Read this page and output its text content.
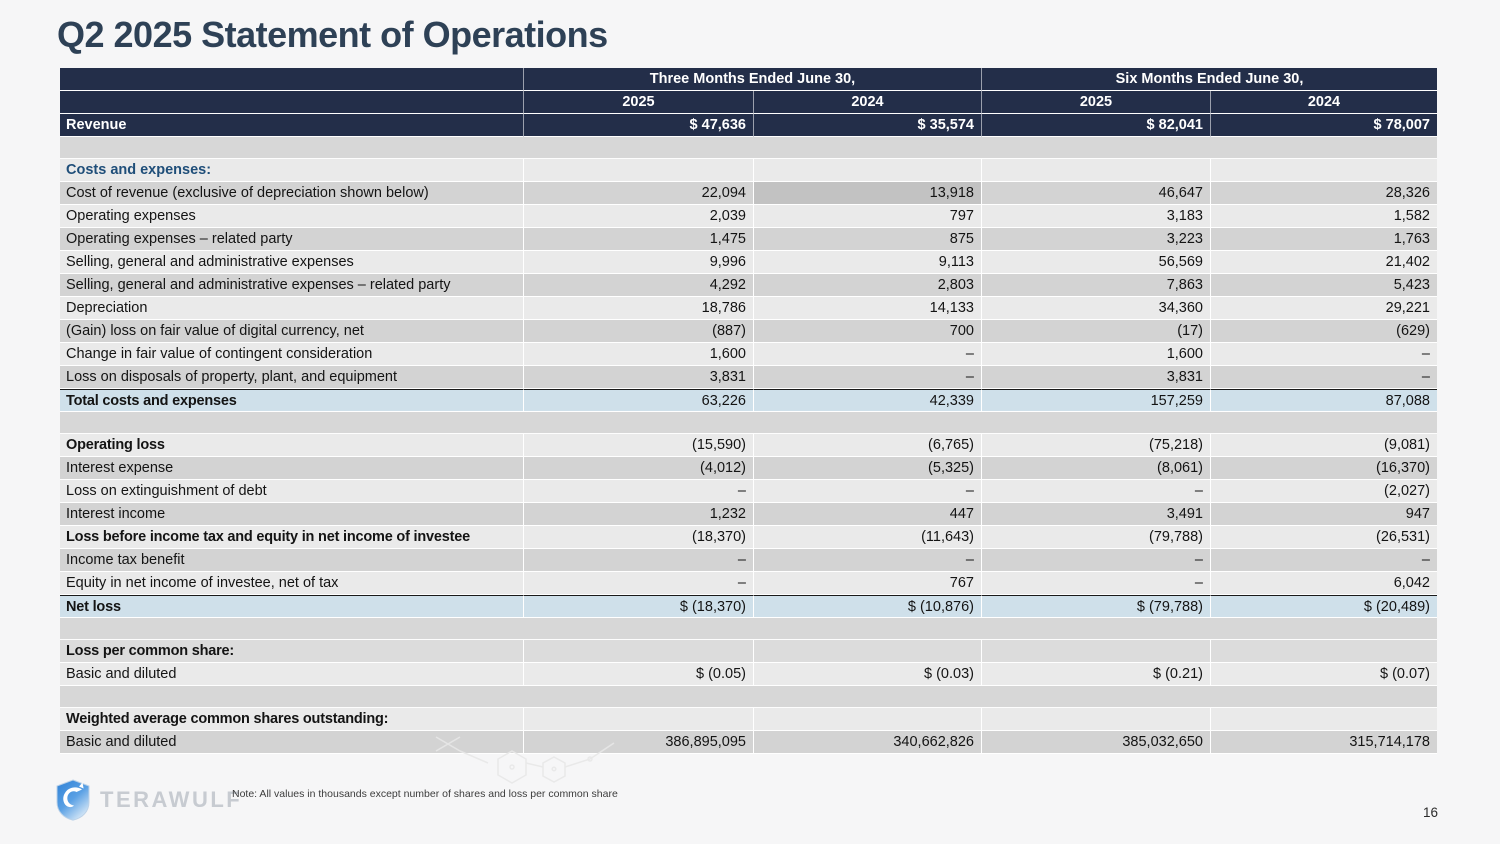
Q2 2025 Statement of Operations
Three Months Ended June 30,	Six Months Ended June 30,
2025	2024	2025	2024
Revenue	$ 47,636	$ 35,574	$ 82,041	$ 78,007
Costs and expenses:
Cost of revenue (exclusive of depreciation shown below)	22,094	13,918	46,647	28,326
Operating expenses	2,039	797	3,183	1,582
Operating expenses – related party	1,475	875	3,223	1,763
Selling, general and administrative expenses	9,996	9,113	56,569	21,402
Selling, general and administrative expenses – related party	4,292	2,803	7,863	5,423
Depreciation	18,786	14,133	34,360	29,221
(Gain) loss on fair value of digital currency, net	(887)	700	(17)	(629)
Change in fair value of contingent consideration	1,600	–	1,600	–
Loss on disposals of property, plant, and equipment	3,831	–	3,831	–
Total costs and expenses	63,226	42,339	157,259	87,088
Operating loss	(15,590)	(6,765)	(75,218)	(9,081)
Interest expense	(4,012)	(5,325)	(8,061)	(16,370)
Loss on extinguishment of debt	–	–	–	(2,027)
Interest income	1,232	447	3,491	947
Loss before income tax and equity in net income of investee	(18,370)	(11,643)	(79,788)	(26,531)
Income tax benefit	–	–	–	–
Equity in net income of investee, net of tax	–	767	–	6,042
Net loss	$ (18,370)	$ (10,876)	$ (79,788)	$ (20,489)
Loss per common share:
Basic and diluted	$ (0.05)	$ (0.03)	$ (0.21)	$ (0.07)
Weighted average common shares outstanding:
Basic and diluted	386,895,095	340,662,826	385,032,650	315,714,178
TERAWULF
Note: All values in thousands except number of shares and loss per common share
16
